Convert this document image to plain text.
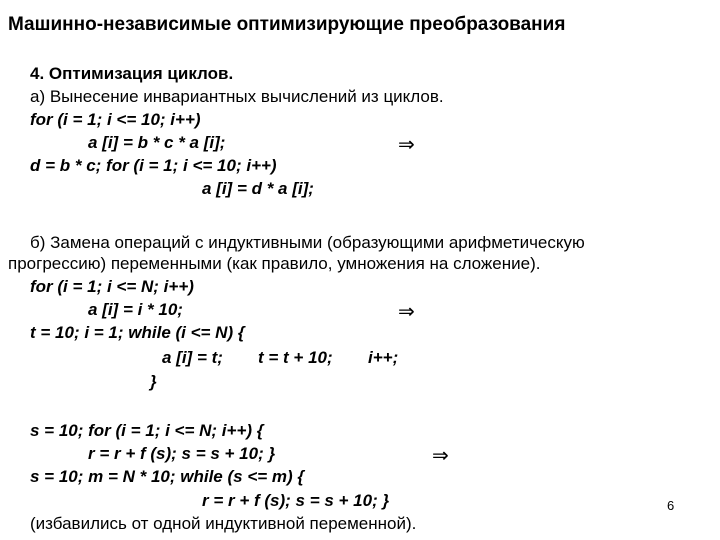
Машинно-независимые оптимизирующие преобразования
4. Оптимизация циклов.
а) Вынесение инвариантных вычислений из циклов.
for (i = 1; i <= 10; i++)
a [i] = b * c * a [i];	⇒
d = b * c; for (i = 1; i <= 10; i++)
a [i] = d * a [i];
б) Замена операций с индуктивными (образующими арифметическую
прогрессию) переменными (как правило, умножения на сложение).
for (i = 1; i <= N; i++)
a [i] = i * 10;	⇒
t = 10; i = 1; while (i <= N) {
a [i] = t; t = t + 10; i++;
}
s = 10; for (i = 1; i <= N; i++) {
r = r + f (s); s = s + 10; }	⇒
s = 10; m = N * 10; while (s <= m) {
r = r + f (s); s = s + 10; }
(избавились от одной индуктивной переменной).
6
